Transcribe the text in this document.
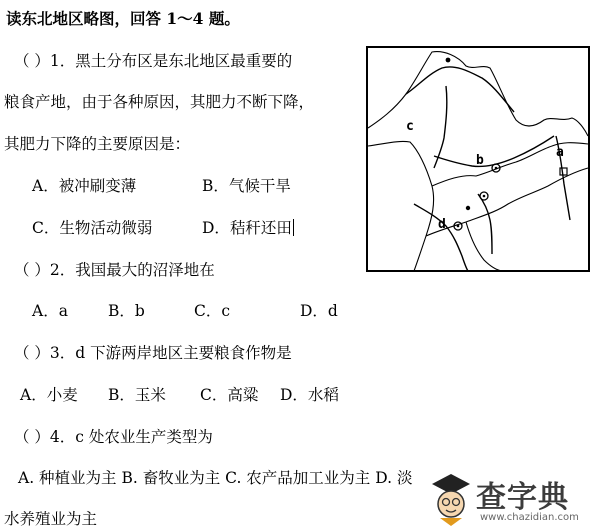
读东北地区略图，回答 1～4 题。
（ ）1．黑土分布区是东北地区最重要的
粮食产地，由于各种原因，其肥力不断下降，
其肥力下降的主要原因是：
A．被冲刷变薄	B．气候干旱
C．生物活动微弱	D．秸秆还田
（ ）2．我国最大的沼泽地在
A．a	B．b	C．c	D．d
（ ）3．d 下游两岸地区主要粮食作物是
A．小麦 B．玉米 C．高粱 D．水稻
（ ）4．c 处农业生产类型为
A. 种植业为主 B. 畜牧业为主 C. 农产品加工业为主 D. 淡
水养殖业为主
a
b
c
d
查字典
www.chazidian.com
